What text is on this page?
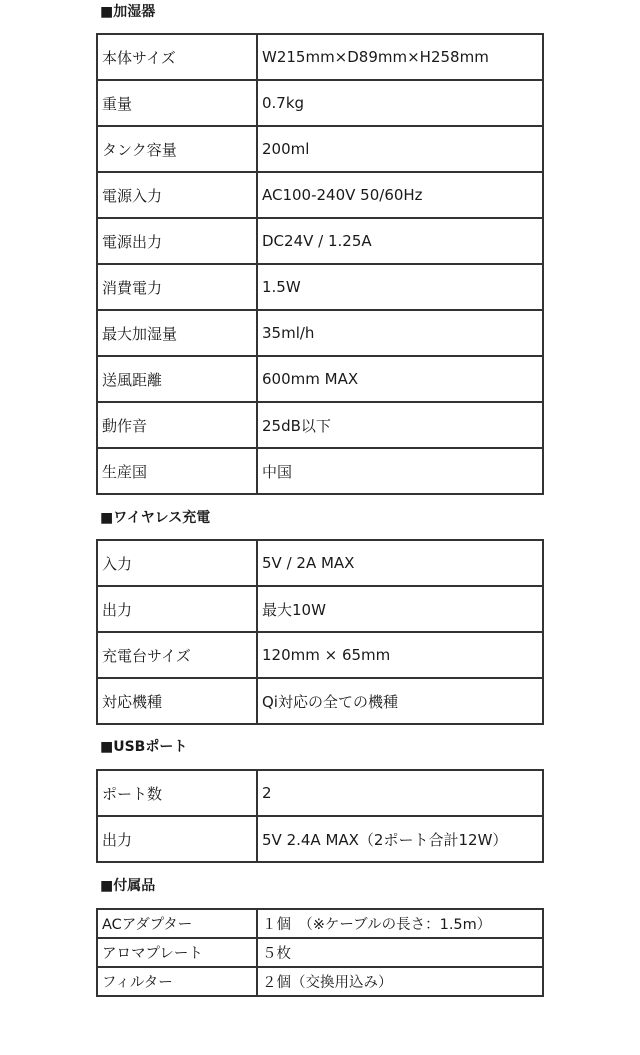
■加湿器
本体サイズ	W215mm×D89mm×H258mm
重量	0.7kg
タンク容量	200ml
電源入力	AC100-240V 50/60Hz
電源出力	DC24V / 1.25A
消費電力	1.5W
最大加湿量	35ml/h
送風距離	600mm MAX
動作音	25dB以下
生産国	中国
■ワイヤレス充電
入力	5V / 2A MAX
出力	最大10W
充電台サイズ	120mm × 65mm
対応機種	Qi対応の全ての機種
■USBポート
ポート数	2
出力	5V 2.4A MAX（2ポート合計12W）
■付属品
ACアダプター	１個　（※ケーブルの長さ：1.5m）
アロマプレート	５枚
フィルター	２個（交換用込み）
